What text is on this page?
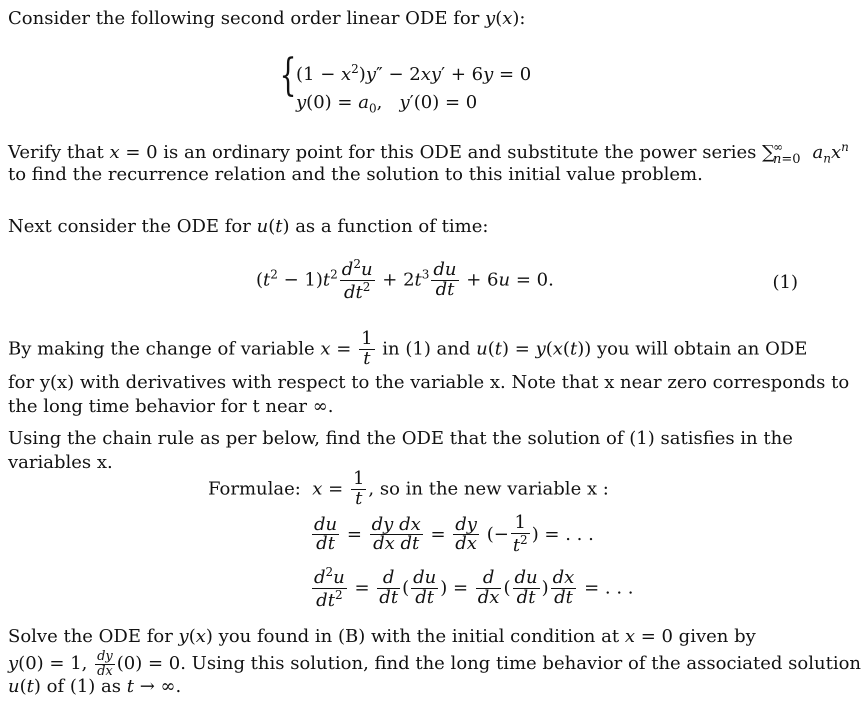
Consider the following second order linear ODE for y(x):
{ $(1 - x^2)y'' - 2xy' + 6y = 0$
$y(0) = a_0$,   y′(0) = 0
Verify that x = 0 is an ordinary point for this ODE and substitute the power series $\sum^\infty_{n=0}$ $a_nx^n$
to find the recurrence relation and the solution to this initial value problem.
Next consider the ODE for u(t) as a function of time:
$(t^2 - 1)t^2 \frac{d^2u}{dt^2} + 2t^3 \frac{du}{dt} + 6u = 0$.	(1)
By making the change of variable $x = \frac{1}{t}$ in (1) and u(t) = y(x(t)) you will obtain an ODE
for y(x) with derivatives with respect to the variable x. Note that x near zero corresponds to
the long time behavior for t near ∞.
Using the chain rule as per below, find the ODE that the solution of (1) satisfies in the
variables x.
Formulae: $x = \frac{1}{t}$ , so in the new variable x :
$\frac{du}{dt} = \frac{\text{dy dx}}{\text{dx dt}} = \frac{dy}{dx}$ (− $\frac{1}{t^2}$ ) = . . .
$\frac{d^2u}{dt^2} = \frac{d}{dt}$ ( $\frac{du}{dt}$ ) = $\frac{d}{dx}$ ( $\frac{du}{dt}$ ) $\frac{dx}{dt}$ = . . .
Solve the ODE for y(x) you found in (B) with the initial condition at x = 0 given by
y(0) = 1, $\frac{dy}{dx} (0) = 0$. Using this solution, find the long time behavior of the associated solution
u(t) of (1) as t → ∞.
